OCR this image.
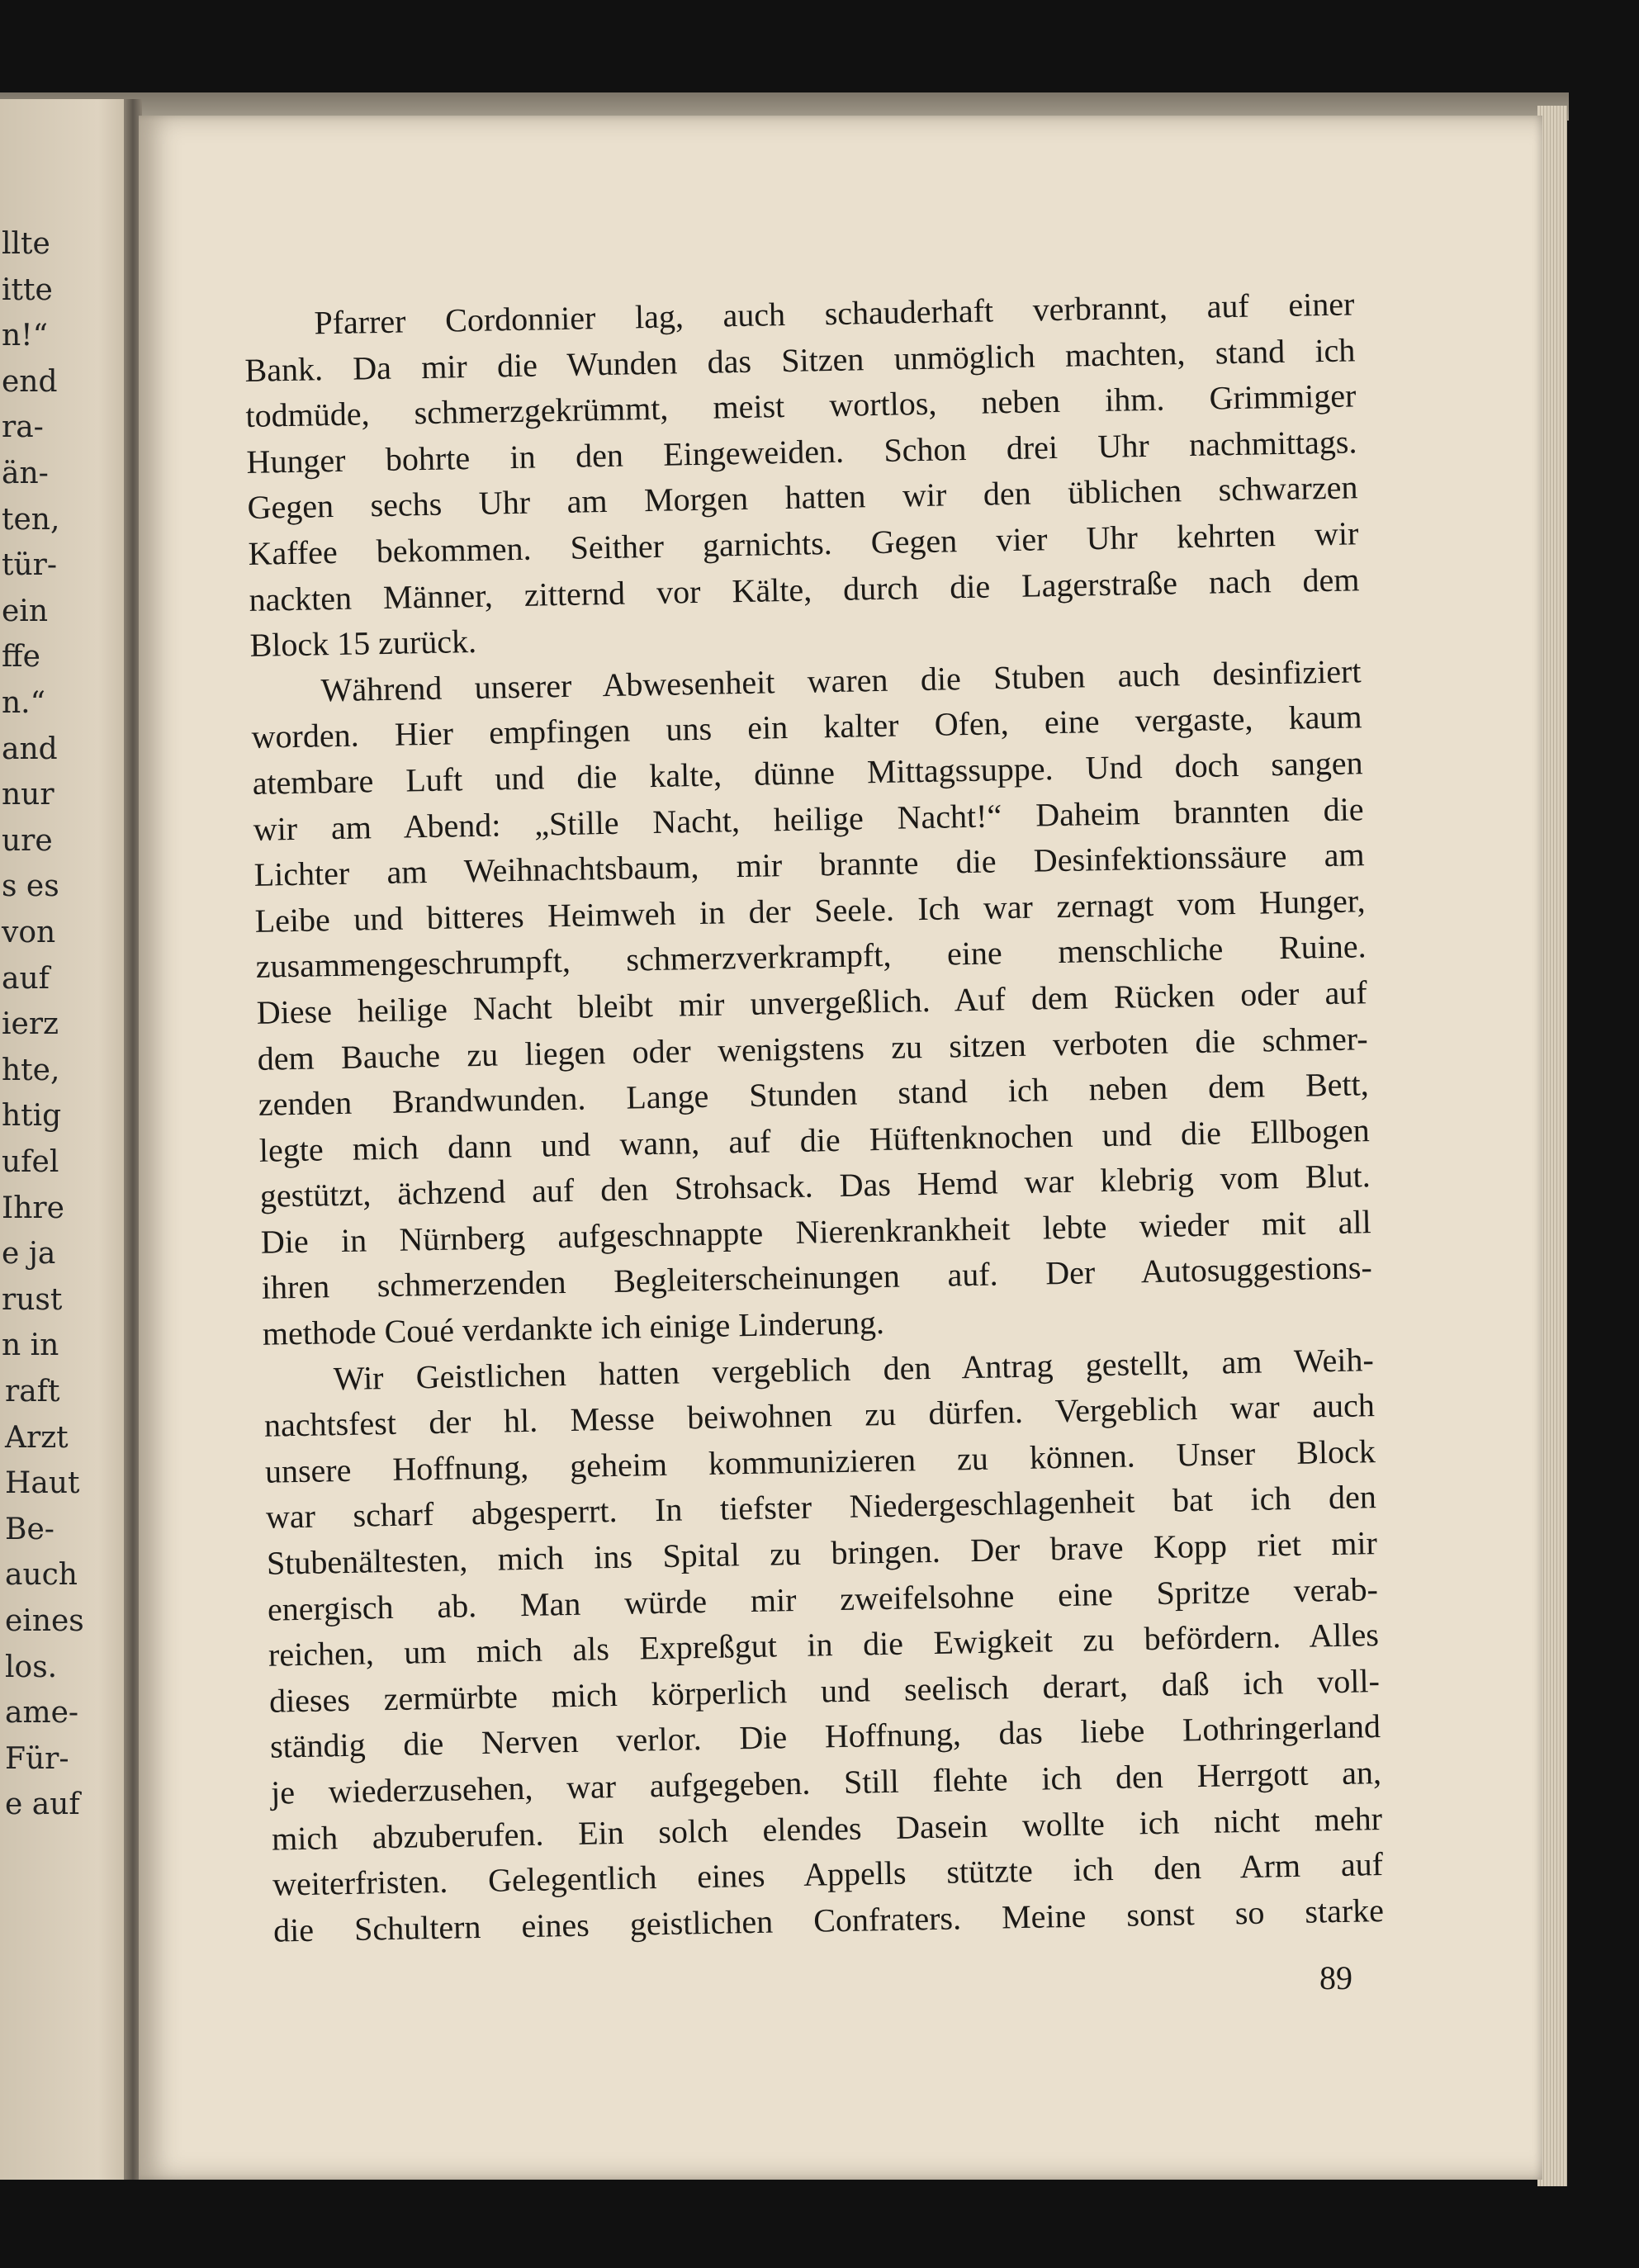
llte
itte
n!“
end
ra-
än-
ten,
tür-
ein
ffe
n.“
and
nur
ure
s es
von
auf
ierz
hte,
htig
ufel
Ihre
e ja
rust
n in
raft
Arzt
Haut
Be-
auch
eines
los.
ame-
Für-
e auf
Pfarrer Cordonnier lag, auch schauderhaft verbrannt, auf einer
Bank. Da mir die Wunden das Sitzen unmöglich machten, stand ich
todmüde, schmerzgekrümmt, meist wortlos, neben ihm. Grimmiger
Hunger bohrte in den Eingeweiden. Schon drei Uhr nachmittags.
Gegen sechs Uhr am Morgen hatten wir den üblichen schwarzen
Kaffee bekommen. Seither garnichts. Gegen vier Uhr kehrten wir
nackten Männer, zitternd vor Kälte, durch die Lagerstraße nach dem
Block 15 zurück.
Während unserer Abwesenheit waren die Stuben auch desinfiziert
worden. Hier empfingen uns ein kalter Ofen, eine vergaste, kaum
atembare Luft und die kalte, dünne Mittagssuppe. Und doch sangen
wir am Abend: „Stille Nacht, heilige Nacht!“ Daheim brannten die
Lichter am Weihnachtsbaum, mir brannte die Desinfektionssäure am
Leibe und bitteres Heimweh in der Seele. Ich war zernagt vom Hunger,
zusammengeschrumpft, schmerzverkrampft, eine menschliche Ruine.
Diese heilige Nacht bleibt mir unvergeßlich. Auf dem Rücken oder auf
dem Bauche zu liegen oder wenigstens zu sitzen verboten die schmer-
zenden Brandwunden. Lange Stunden stand ich neben dem Bett,
legte mich dann und wann, auf die Hüftenknochen und die Ellbogen
gestützt, ächzend auf den Strohsack. Das Hemd war klebrig vom Blut.
Die in Nürnberg aufgeschnappte Nierenkrankheit lebte wieder mit all
ihren schmerzenden Begleiterscheinungen auf. Der Autosuggestions-
methode Coué verdankte ich einige Linderung.
Wir Geistlichen hatten vergeblich den Antrag gestellt, am Weih-
nachtsfest der hl. Messe beiwohnen zu dürfen. Vergeblich war auch
unsere Hoffnung, geheim kommunizieren zu können. Unser Block
war scharf abgesperrt. In tiefster Niedergeschlagenheit bat ich den
Stubenältesten, mich ins Spital zu bringen. Der brave Kopp riet mir
energisch ab. Man würde mir zweifelsohne eine Spritze verab-
reichen, um mich als Expreßgut in die Ewigkeit zu befördern. Alles
dieses zermürbte mich körperlich und seelisch derart, daß ich voll-
ständig die Nerven verlor. Die Hoffnung, das liebe Lothringerland
je wiederzusehen, war aufgegeben. Still flehte ich den Herrgott an,
mich abzuberufen. Ein solch elendes Dasein wollte ich nicht mehr
weiterfristen. Gelegentlich eines Appells stützte ich den Arm auf
die Schultern eines geistlichen Confraters. Meine sonst so starke
89
